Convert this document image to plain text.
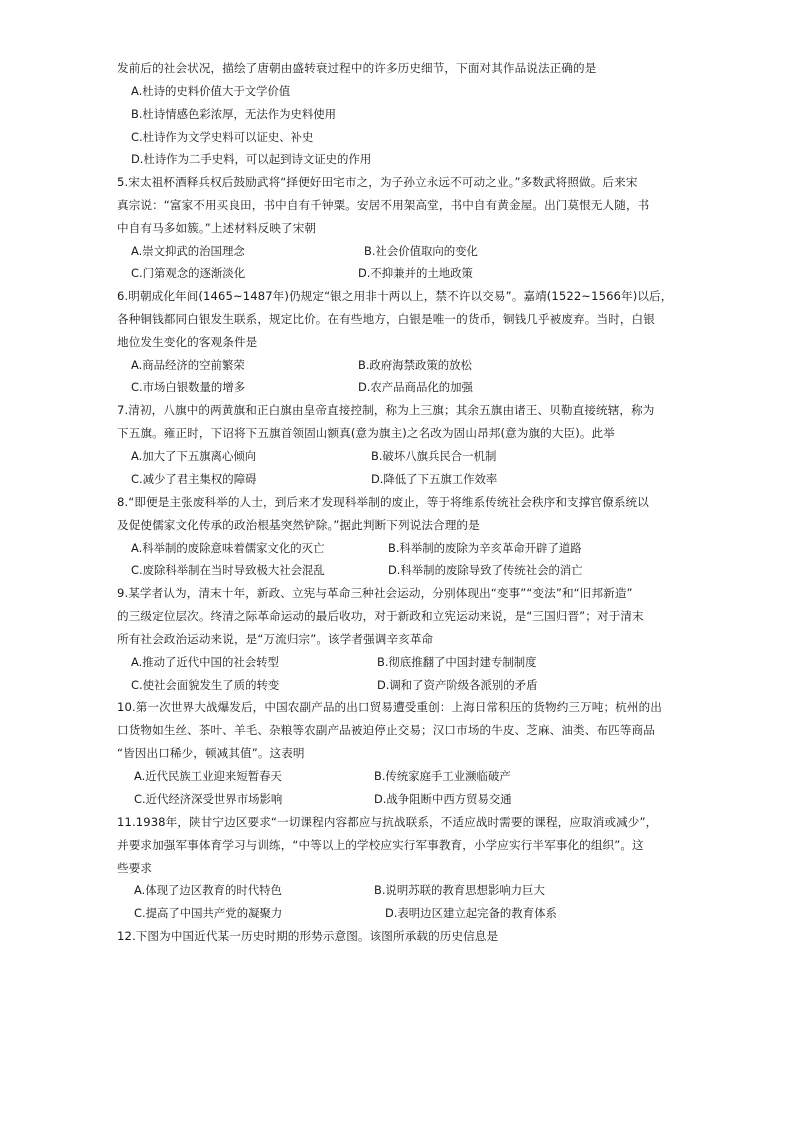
发前后的社会状况，描绘了唐朝由盛转衰过程中的许多历史细节，下面对其作品说法正确的是
A.杜诗的史料价值大于文学价值
B.杜诗情感色彩浓厚，无法作为史料使用
C.杜诗作为文学史料可以证史、补史
D.杜诗作为二手史料，可以起到诗文证史的作用
5.宋太祖杯酒释兵权后鼓励武将“择便好田宅市之，为子孙立永远不可动之业。”多数武将照做。后来宋
真宗说：“富家不用买良田，书中自有千钟粟。安居不用架高堂，书中自有黄金屋。出门莫恨无人随，书
中自有马多如簇。”上述材料反映了宋朝
A.崇文抑武的治国理念	B.社会价值取向的变化
C.门第观念的逐渐淡化	D.不抑兼并的土地政策
6.明朝成化年间(1465~1487年)仍规定“银之用非十两以上，禁不许以交易”。嘉靖(1522~1566年)以后，
各种铜钱都同白银发生联系，规定比价。在有些地方，白银是唯一的货币，铜钱几乎被废弃。当时，白银
地位发生变化的客观条件是
A.商品经济的空前繁荣	B.政府海禁政策的放松
C.市场白银数量的增多	D.农产品商品化的加强
7.清初，八旗中的两黄旗和正白旗由皇帝直接控制，称为上三旗；其余五旗由诸王、贝勒直接统辖，称为
下五旗。雍正时，下诏将下五旗首领固山额真(意为旗主)之名改为固山昂邦(意为旗的大臣)。此举
A.加大了下五旗离心倾向	B.破坏八旗兵民合一机制
C.减少了君主集权的障碍	D.降低了下五旗工作效率
8.“即便是主张废科举的人士，到后来才发现科举制的废止，等于将维系传统社会秩序和支撑官僚系统以
及促使儒家文化传承的政治根基突然铲除。”据此判断下列说法合理的是
A.科举制的废除意味着儒家文化的灭亡	B.科举制的废除为辛亥革命开辟了道路
C.废除科举制在当时导致极大社会混乱	D.科举制的废除导致了传统社会的消亡
9.某学者认为，清末十年，新政、立宪与革命三种社会运动，分别体现出“变事”“变法”和“旧邦新造”
的三级定位层次。终清之际革命运动的最后收功，对于新政和立宪运动来说，是“三国归晋”；对于清末
所有社会政治运动来说，是“万流归宗”。该学者强调辛亥革命
A.推动了近代中国的社会转型	B.彻底推翻了中国封建专制制度
C.使社会面貌发生了质的转变	D.调和了资产阶级各派别的矛盾
10.第一次世界大战爆发后，中国农副产品的出口贸易遭受重创：上海日常积压的货物约三万吨；杭州的出
口货物如生丝、茶叶、羊毛、杂粮等农副产品被迫停止交易；汉口市场的牛皮、芝麻、油类、布匹等商品
“皆因出口稀少，顿减其值”。这表明
A.近代民族工业迎来短暂春天	B.传统家庭手工业濒临破产
C.近代经济深受世界市场影响	D.战争阻断中西方贸易交通
11.1938年，陕甘宁边区要求“一切课程内容都应与抗战联系，不适应战时需要的课程，应取消或减少”，
并要求加强军事体育学习与训练，“中等以上的学校应实行军事教育，小学应实行半军事化的组织”。这
些要求
A.体现了边区教育的时代特色	B.说明苏联的教育思想影响力巨大
C.提高了中国共产党的凝聚力	D.表明边区建立起完备的教育体系
12.下图为中国近代某一历史时期的形势示意图。该图所承载的历史信息是
